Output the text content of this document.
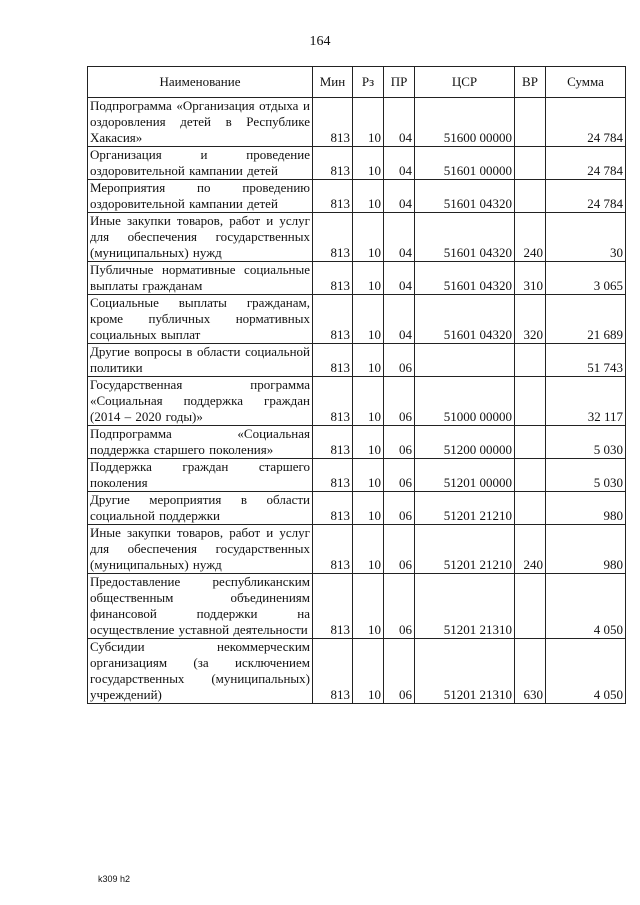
164
Наименование	Мин	Рз	ПР	ЦСР	ВР	Сумма
Подпрограмма «Организация отдыха и оздоровления детей в Республике Хакасия»	813	10	04	51600 00000		24 784
Организация и проведение оздоровительной кампании детей	813	10	04	51601 00000		24 784
Мероприятия по проведению оздоровительной кампании детей	813	10	04	51601 04320		24 784
Иные закупки товаров, работ и услуг для обеспечения государственных (муниципальных) нужд	813	10	04	51601 04320	240	30
Публичные нормативные социальные выплаты гражданам	813	10	04	51601 04320	310	3 065
Социальные выплаты гражданам, кроме публичных нормативных социальных выплат	813	10	04	51601 04320	320	21 689
Другие вопросы в области социальной политики	813	10	06			51 743
Государственная программа «Социальная поддержка граждан (2014 – 2020 годы)»	813	10	06	51000 00000		32 117
Подпрограмма «Социальная поддержка старшего поколения»	813	10	06	51200 00000		5 030
Поддержка граждан старшего поколения	813	10	06	51201 00000		5 030
Другие мероприятия в области социальной поддержки	813	10	06	51201 21210		980
Иные закупки товаров, работ и услуг для обеспечения государственных (муниципальных) нужд	813	10	06	51201 21210	240	980
Предоставление республиканским общественным объединениям финансовой поддержки на осуществление уставной деятельности	813	10	06	51201 21310		4 050
Субсидии некоммерческим организациям (за исключением государственных (муниципальных) учреждений)	813	10	06	51201 21310	630	4 050
k309 h2
